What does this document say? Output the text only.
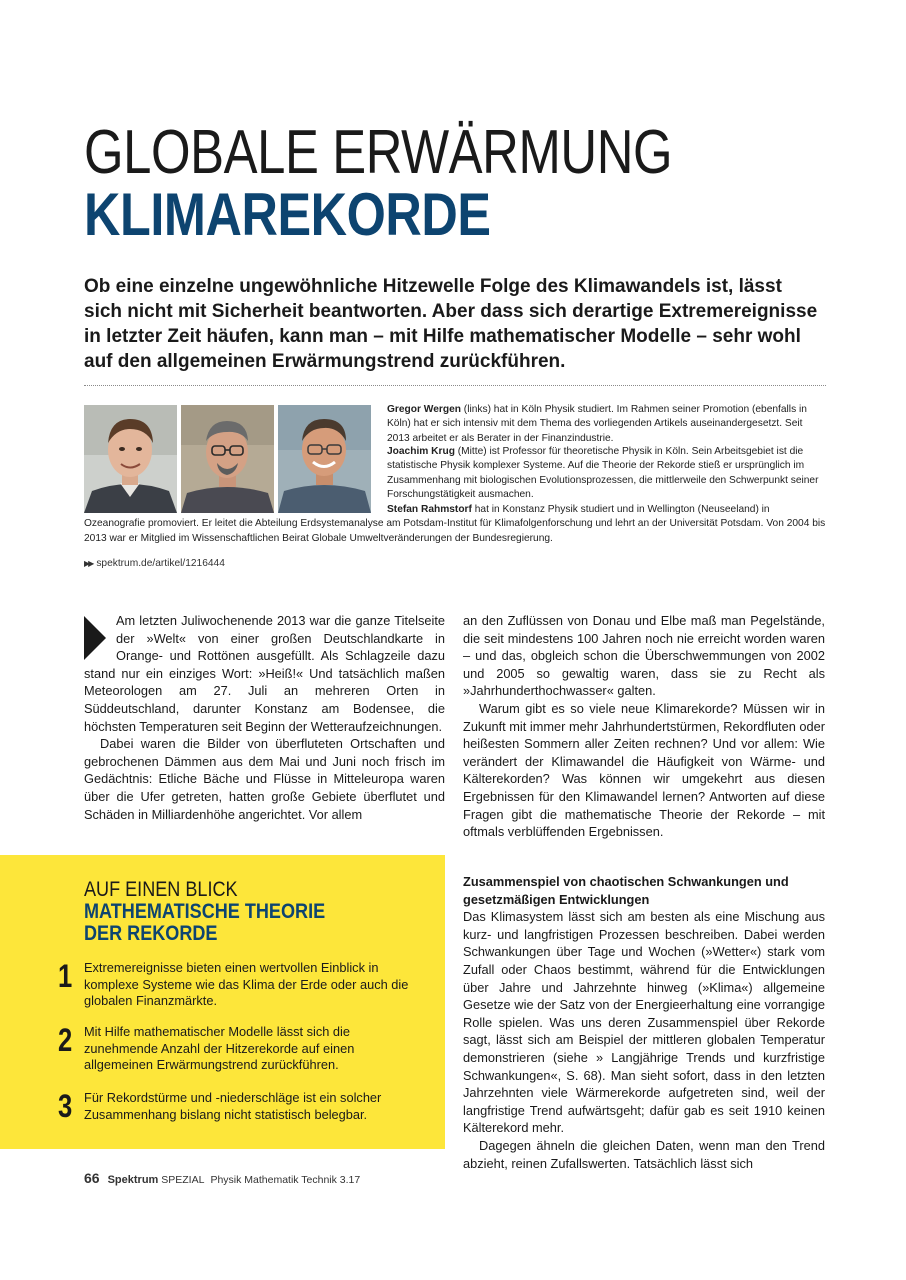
GLOBALE ERWÄRMUNG
KLIMAREKORDE
Ob eine einzelne ungewöhnliche Hitzewelle Folge des Klimawandels ist, lässt sich nicht mit Sicherheit beantworten. Aber dass sich derartige Extremereignisse in letzter Zeit häufen, kann man – mit Hilfe mathematischer Modelle – sehr wohl auf den allgemeinen Erwärmungstrend zurückführen.
Gregor Wergen (links) hat in Köln Physik studiert. Im Rahmen seiner Promotion (ebenfalls in Köln) hat er sich intensiv mit dem Thema des vorliegenden Artikels auseinandergesetzt. Seit 2013 arbeitet er als Berater in der Finanzindustrie.
Joachim Krug (Mitte) ist Professor für theoretische Physik in Köln. Sein Arbeitsgebiet ist die statistische Physik komplexer Systeme. Auf die Theorie der Rekorde stieß er ursprünglich im Zusammenhang mit biologischen Evolutionsprozessen, die mittlerweile den Schwerpunkt seiner Forschungstätigkeit ausmachen.
Stefan Rahmstorf hat in Konstanz Physik studiert und in Wellington (Neuseeland) in Ozeanografie promoviert. Er leitet die Abteilung Erdsystemanalyse am Potsdam-Institut für Klimafolgenforschung und lehrt an der Universität Potsdam. Von 2004 bis 2013 war er Mitglied im Wissenschaftlichen Beirat Globale Umweltveränderungen der Bundesregierung.
▶▶ spektrum.de/artikel/1216444

Am letzten Juliwochenende 2013 war die ganze Titelseite der »Welt« von einer großen Deutschlandkarte in Orange- und Rottönen ausgefüllt. Als Schlagzeile dazu stand nur ein einziges Wort: »Heiß!« Und tatsächlich maßen Meteorologen am 27. Juli an mehreren Orten in Süddeutschland, darunter Konstanz am Bodensee, die höchsten Temperaturen seit Beginn der Wetteraufzeichnungen.

Dabei waren die Bilder von überfluteten Ortschaften und gebrochenen Dämmen aus dem Mai und Juni noch frisch im Gedächtnis: Etliche Bäche und Flüsse in Mitteleuropa waren über die Ufer getreten, hatten große Gebiete überflutet und Schäden in Milliardenhöhe angerichtet. Vor allem

an den Zuflüssen von Donau und Elbe maß man Pegelstände, die seit mindestens 100 Jahren noch nie erreicht worden waren – und das, obgleich schon die Überschwemmungen von 2002 und 2005 so gewaltig waren, dass sie zu Recht als »Jahrhunderthochwasser« galten.

Warum gibt es so viele neue Klimarekorde? Müssen wir in Zukunft mit immer mehr Jahrhundertstürmen, Rekordfluten oder heißesten Sommern aller Zeiten rechnen? Und vor allem: Wie verändert der Klimawandel die Häufigkeit von Wärme- und Kälterekorden? Was können wir umgekehrt aus diesen Ergebnissen für den Klimawandel lernen? Antworten auf diese Fragen gibt die mathematische Theorie der Rekorde – mit oftmals verblüffenden Ergebnissen.

Zusammenspiel von chaotischen Schwankungen und gesetzmäßigen Entwicklungen

Das Klimasystem lässt sich am besten als eine Mischung aus kurz- und langfristigen Prozessen beschreiben. Dabei werden Schwankungen über Tage und Wochen (»Wetter«) stark vom Zufall oder Chaos bestimmt, während für die Entwicklungen über Jahre und Jahrzehnte hinweg (»Klima«) allgemeine Gesetze wie der Satz von der Energieerhaltung eine vorrangige Rolle spielen. Was uns deren Zusammenspiel über Rekorde sagt, lässt sich am Beispiel der mittleren globalen Temperatur demonstrieren (siehe » Langjährige Trends und kurzfristige Schwankungen«, S. 68). Man sieht sofort, dass in den letzten Jahrzehnten viele Wärmerekorde aufgetreten sind, weil der langfristige Trend aufwärtsgeht; dafür gab es seit 1910 keinen Kälterekord mehr.

Dagegen ähneln die gleichen Daten, wenn man den Trend abzieht, reinen Zufallswerten. Tatsächlich lässt sich

AUF EINEN BLICK
MATHEMATISCHE THEORIE DER REKORDE
1 Extremereignisse bieten einen wertvollen Einblick in komplexe Systeme wie das Klima der Erde oder auch die globalen Finanzmärkte.
2 Mit Hilfe mathematischer Modelle lässt sich die zunehmende Anzahl der Hitzerekorde auf einen allgemeinen Erwärmungstrend zurückführen.
3 Für Rekordstürme und -niederschläge ist ein solcher Zusammenhang bislang nicht statistisch belegbar.
66 Spektrum SPEZIAL Physik Mathematik Technik 3.17
